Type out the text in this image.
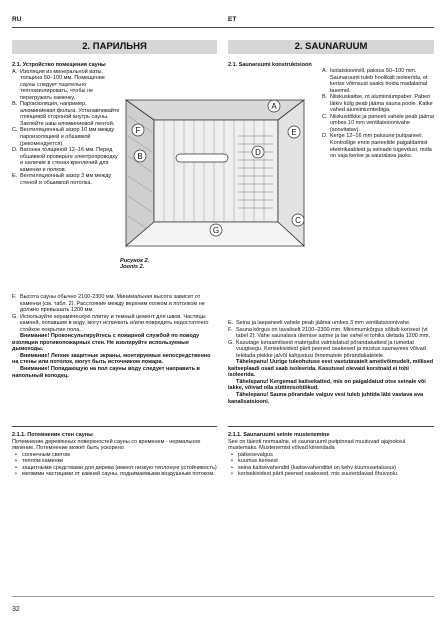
RU	ET
2. ПАРИЛЬНЯ	2. SAUNARUUM

2.1. Устройство помещения сауны

A. Изоляция из минеральной ваты, толщина 50–100 мм. Помещение сауны следует тщательно теплоизолировать, чтобы не перегружать каменку.
B. Пароизоляция, например, алюминиевая фольга. Устанавливайте глянцевой стороной внутрь сауны. Заклейте швы алюминиевой лентой.
C. Вентиляционный зазор 10 мм между пароизоляцией и обшивкой (рекомендуется).
D. Вагонка толщиной 12–16 мм. Перед обшивкой проверьте электропроводку и наличие в стенах креплений для каменки и полков.
E. Вентиляционный зазор 3 мм между стеной и обшивкой потолка.
F. Высота сауны обычно 2100-2300 мм. Минимальная высота зависит от каменки (см. табл. 2). Расстояние между верхним полком и потолком не должно превышать 1200 мм.
G. Используйте керамическую плитку и темный цемент для швов. Частицы камней, попавшие в воду, могут испачкать и/или повредить недостаточно стойкое покрытие пола.

Внимание! Проконсультируйтесь с пожарной службой по поводу изоляции противопожарных стен. Не изолируйте используемые дымоходы.

Внимание! Легкие защитные экраны, монтируемые непосредственно на стены или потолок, могут быть источником пожара.

Внимание! Попадающую на пол сауны воду следует направить в напольный колодец.

2.1.1. Потемнение стен сауны

Потемнение деревянных поверхностей сауны со временем - нормальное явление. Потемнение может быть ускорено

• солнечным светом
• теплом каменки
• защитными средствами для дерева (имеют низкую теплоную устойчивость)
• мелкими частицами от камней сауны, поднимаемыми воздушным потоком.

2.1. Saunaruumi konstruktsioon

A. Isolatsioonivill, paksus 50–100 mm. Saunaruumi tuleb hoolikalt isoleerida, et kerise võimsust saaks hoida madalamal tasemel.
B. Niiskuskaitse, nt alumiiniumpaber. Paberi läikiv külg peab jääma sauna poole. Katke vahed alumiiniumteibiga.
C. Niiskustõkke ja paneeli vahele peab jääma umbes 10 mm ventilatsioonivahe (soovitatav).
D. Kerge 12–16 mm paksune puitpaneel. Kontrollige enne paneelide paigaldamist elektrikaableid ja seinade tugevdusi, mida on vaja kerise ja saunalava jaoks.
E. Seina ja laepaneeli vahele peab jääma umbes 3 mm ventilatsioonivahe.
F. Sauna kõrgus on tavaliselt 2100–2300 mm. Miinimumkõrgus sõltub kerisest (vt tabel 2). Vahe saunalava ülemise astme ja lae vahel ei tohiks ületada 1200 mm.
G. Kasutage keraamilisest materjalist valmistatud põrandakatteid ja tumedat vuugisegu. Kerisekividest pärit peened osakesed ja mustus saunavees võivad tekitada plekke ja/või kahjustusi õrnematele põrandakatetele.

Tähelepanu! Uurige tuleohutuse eest vastutavatelt ametivõimudelt, millised kaitseplaadi osad saab isoleerida. Kasutusel olevaid korstnaid ei tohi isoleerida.

Tähelepanu! Kergemad kaitsekatted, mis on paigaldatud otse seinale või lakke, võivad olla süttimisohtlikud.

Tähelepanu! Sauna põrandale valguv vesi tuleb juhtida läbi vastava ava kanalisatsiooni.

2.1.1. Saunaruumi seinte mustenemine

See on täiesti normaalne, et saunaruumi puitpinnad muutuvad ajajooksul mustemaks. Mustenemist võivad kiirendada

• päikesevalgus
• kuumus kerisest
• seina kaitsevahendid (kaitsevahenditel on kehv kuumusetaluvus)
• kerisekividest pärit peened osakesed, mis suurendavad õhuvoolu.
A
B
C
D
E
F
G
Рисунок 2.
Joonis 2.
32
